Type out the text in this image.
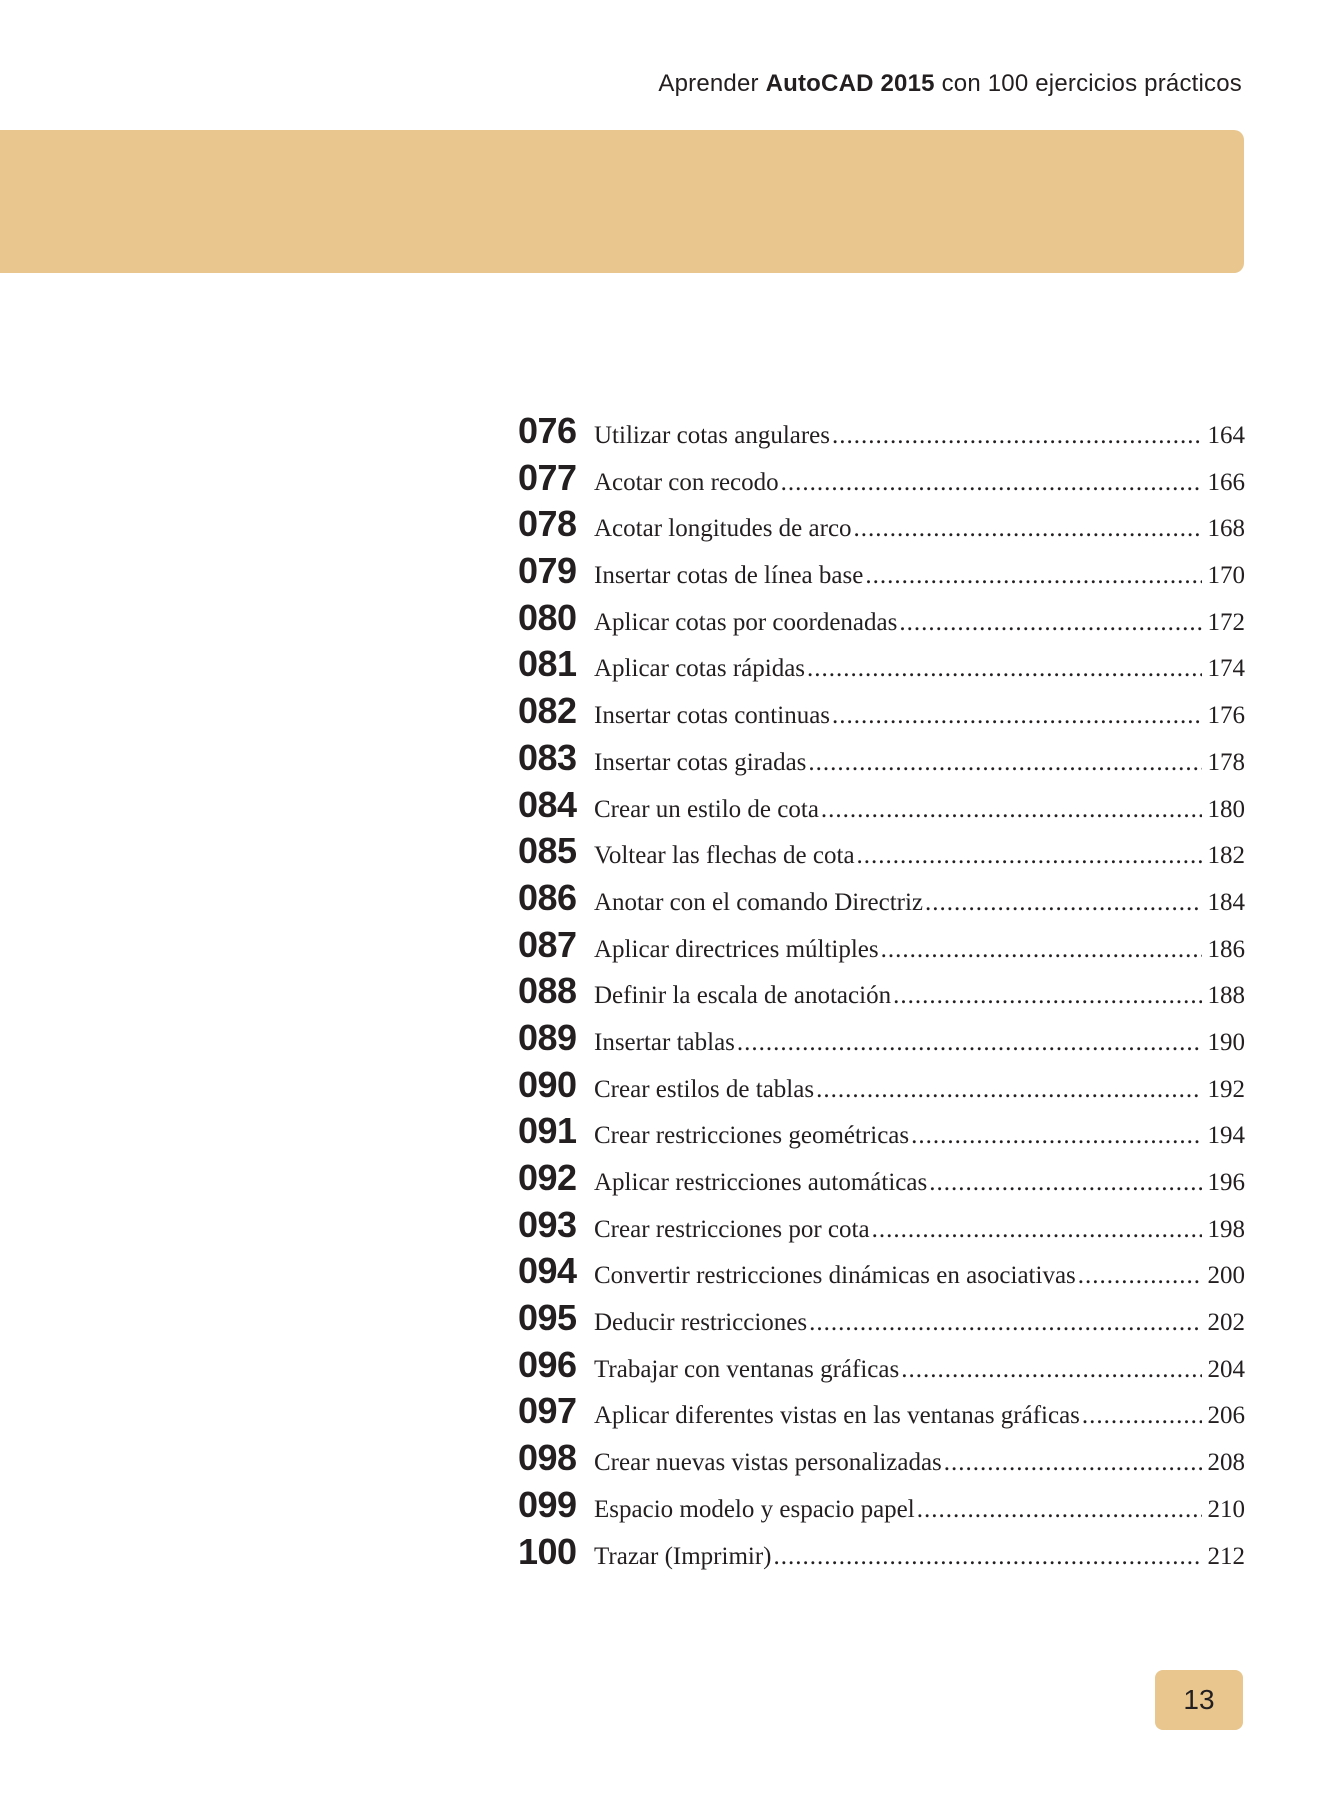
Aprender AutoCAD 2015 con 100 ejercicios prácticos
076 Utilizar cotas angulares .....	164
077 Acotar con recodo .....	166
078 Acotar longitudes de arco .....	168
079 Insertar cotas de línea base .....	170
080 Aplicar cotas por coordenadas .....	172
081 Aplicar cotas rápidas .....	174
082 Insertar cotas continuas .....	176
083 Insertar cotas giradas .....	178
084 Crear un estilo de cota .....	180
085 Voltear las flechas de cota .....	182
086 Anotar con el comando Directriz .....	184
087 Aplicar directrices múltiples .....	186
088 Definir la escala de anotación .....	188
089 Insertar tablas .....	190
090 Crear estilos de tablas .....	192
091 Crear restricciones geométricas .....	194
092 Aplicar restricciones automáticas .....	196
093 Crear restricciones por cota .....	198
094 Convertir restricciones dinámicas en asociativas .....	200
095 Deducir restricciones .....	202
096 Trabajar con ventanas gráficas .....	204
097 Aplicar diferentes vistas en las ventanas gráficas .....	206
098 Crear nuevas vistas personalizadas .....	208
099 Espacio modelo y espacio papel .....	210
100 Trazar (Imprimir) .....	212
13
